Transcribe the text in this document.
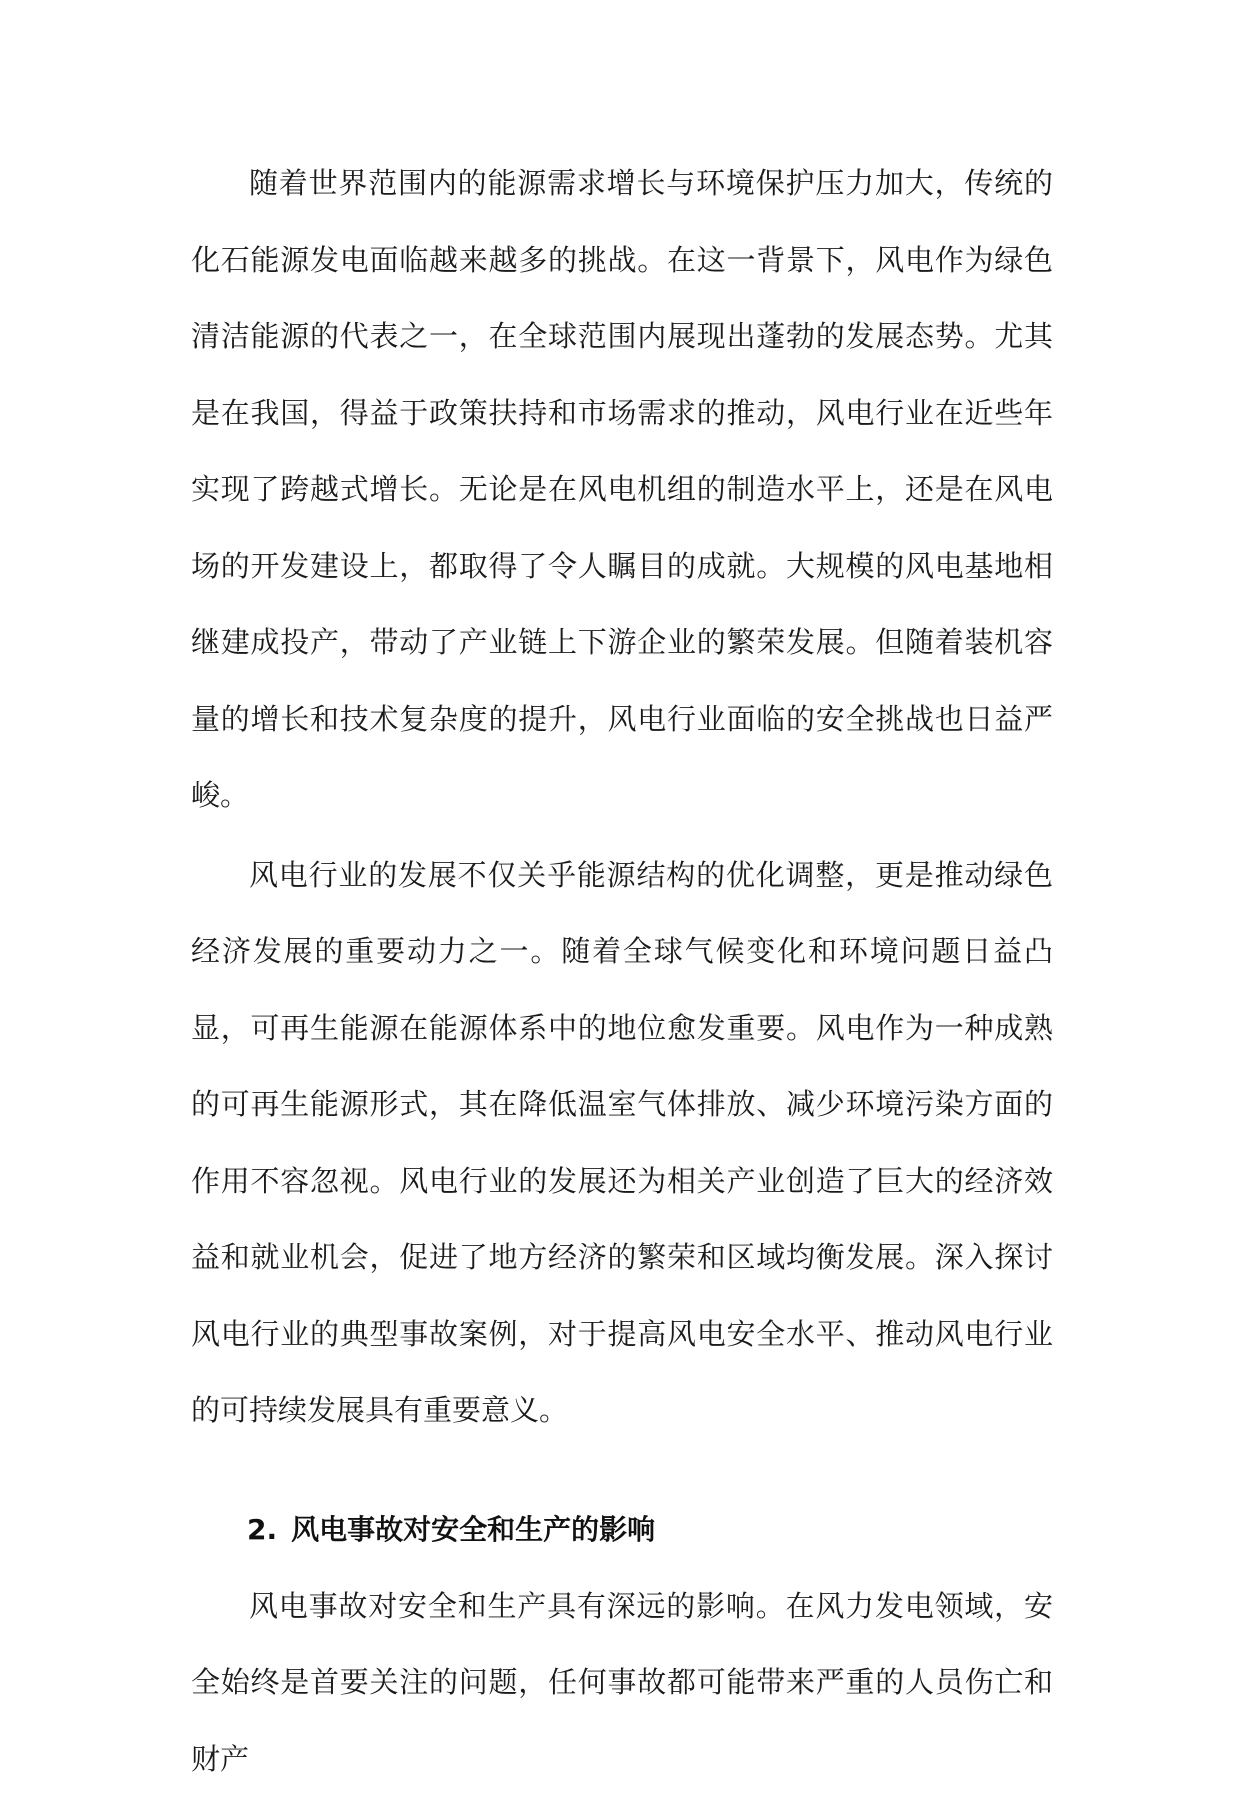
随着世界范围内的能源需求增长与环境保护压力加大，传统的化石能源发电面临越来越多的挑战。在这一背景下，风电作为绿色清洁能源的代表之一，在全球范围内展现出蓬勃的发展态势。尤其是在我国，得益于政策扶持和市场需求的推动，风电行业在近些年实现了跨越式增长。无论是在风电机组的制造水平上，还是在风电场的开发建设上，都取得了令人瞩目的成就。大规模的风电基地相继建成投产，带动了产业链上下游企业的繁荣发展。但随着装机容量的增长和技术复杂度的提升，风电行业面临的安全挑战也日益严峻。

风电行业的发展不仅关乎能源结构的优化调整，更是推动绿色经济发展的重要动力之一。随着全球气候变化和环境问题日益凸显，可再生能源在能源体系中的地位愈发重要。风电作为一种成熟的可再生能源形式，其在降低温室气体排放、减少环境污染方面的作用不容忽视。风电行业的发展还为相关产业创造了巨大的经济效益和就业机会，促进了地方经济的繁荣和区域均衡发展。深入探讨风电行业的典型事故案例，对于提高风电安全水平、推动风电行业的可持续发展具有重要意义。

2. 风电事故对安全和生产的影响

风电事故对安全和生产具有深远的影响。在风力发电领域，安全始终是首要关注的问题，任何事故都可能带来严重的人员伤亡和财产
